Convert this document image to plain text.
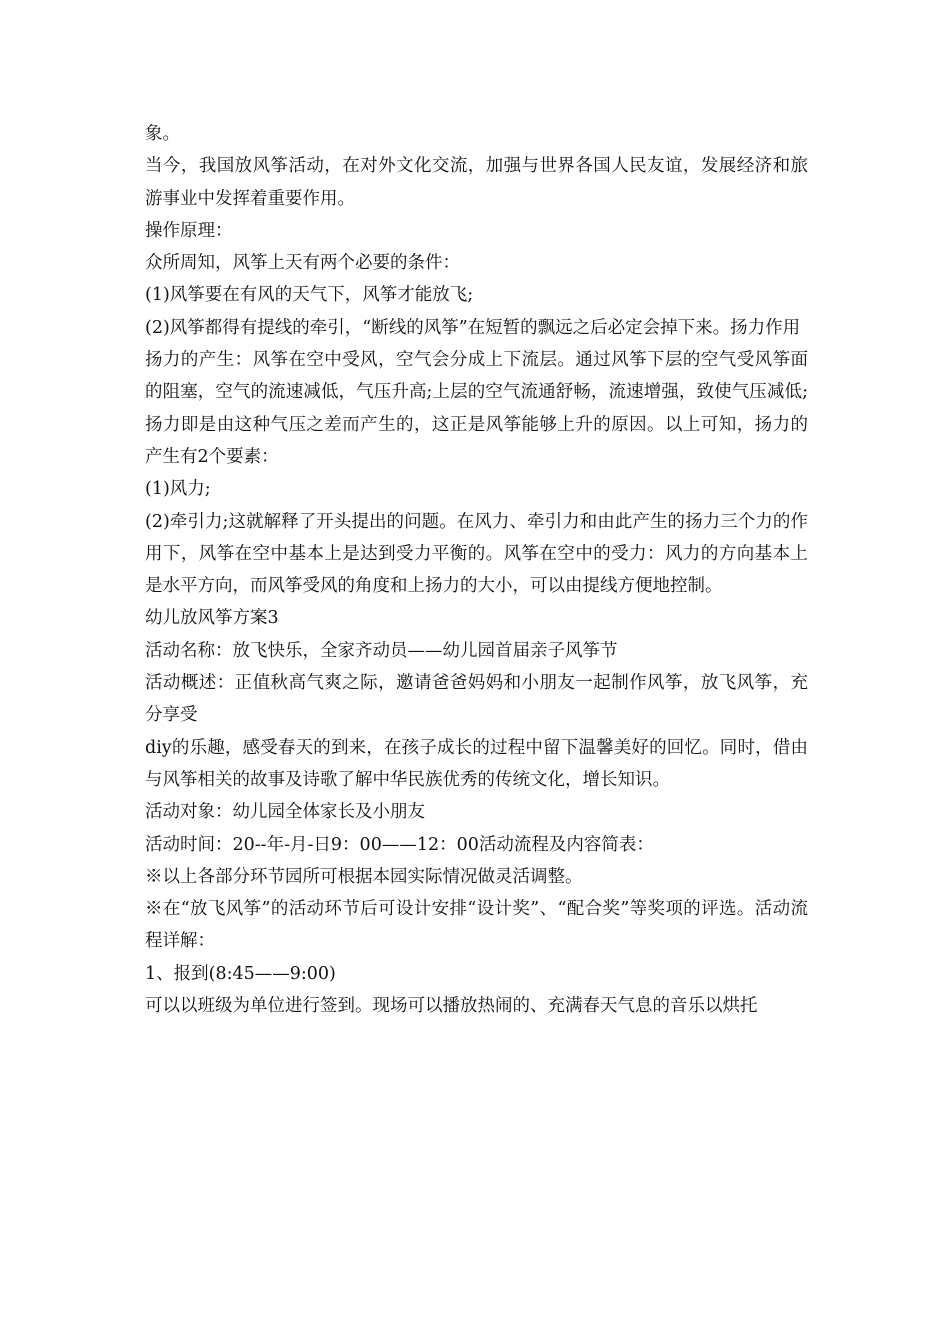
象。

当今，我国放风筝活动，在对外文化交流，加强与世界各国人民友谊，发展经济和旅游事业中发挥着重要作用。

操作原理：

众所周知，风筝上天有两个必要的条件：

(1)风筝要在有风的天气下，风筝才能放飞;

(2)风筝都得有提线的牵引，“断线的风筝”在短暂的飘远之后必定会掉下来。扬力作用

扬力的产生：风筝在空中受风，空气会分成上下流层。通过风筝下层的空气受风筝面的阻塞，空气的流速减低，气压升高;上层的空气流通舒畅，流速增强，致使气压减低;扬力即是由这种气压之差而产生的，这正是风筝能够上升的原因。以上可知，扬力的产生有2个要素：

(1)风力;

(2)牵引力;这就解释了开头提出的问题。在风力、牵引力和由此产生的扬力三个力的作用下，风筝在空中基本上是达到受力平衡的。风筝在空中的受力：风力的方向基本上是水平方向，而风筝受风的角度和上扬力的大小，可以由提线方便地控制。

幼儿放风筝方案3

活动名称：放飞快乐，全家齐动员——幼儿园首届亲子风筝节

活动概述：正值秋高气爽之际，邀请爸爸妈妈和小朋友一起制作风筝，放飞风筝，充分享受

diy的乐趣，感受春天的到来，在孩子成长的过程中留下温馨美好的回忆。同时，借由与风筝相关的故事及诗歌了解中华民族优秀的传统文化，增长知识。

活动对象：幼儿园全体家长及小朋友

活动时间：20--年-月-日9：00——12：00活动流程及内容简表：

※以上各部分环节园所可根据本园实际情况做灵活调整。

※在“放飞风筝”的活动环节后可设计安排“设计奖”、“配合奖”等奖项的评选。活动流程详解：

1、报到(8:45——9:00)

可以以班级为单位进行签到。现场可以播放热闹的、充满春天气息的音乐以烘托
